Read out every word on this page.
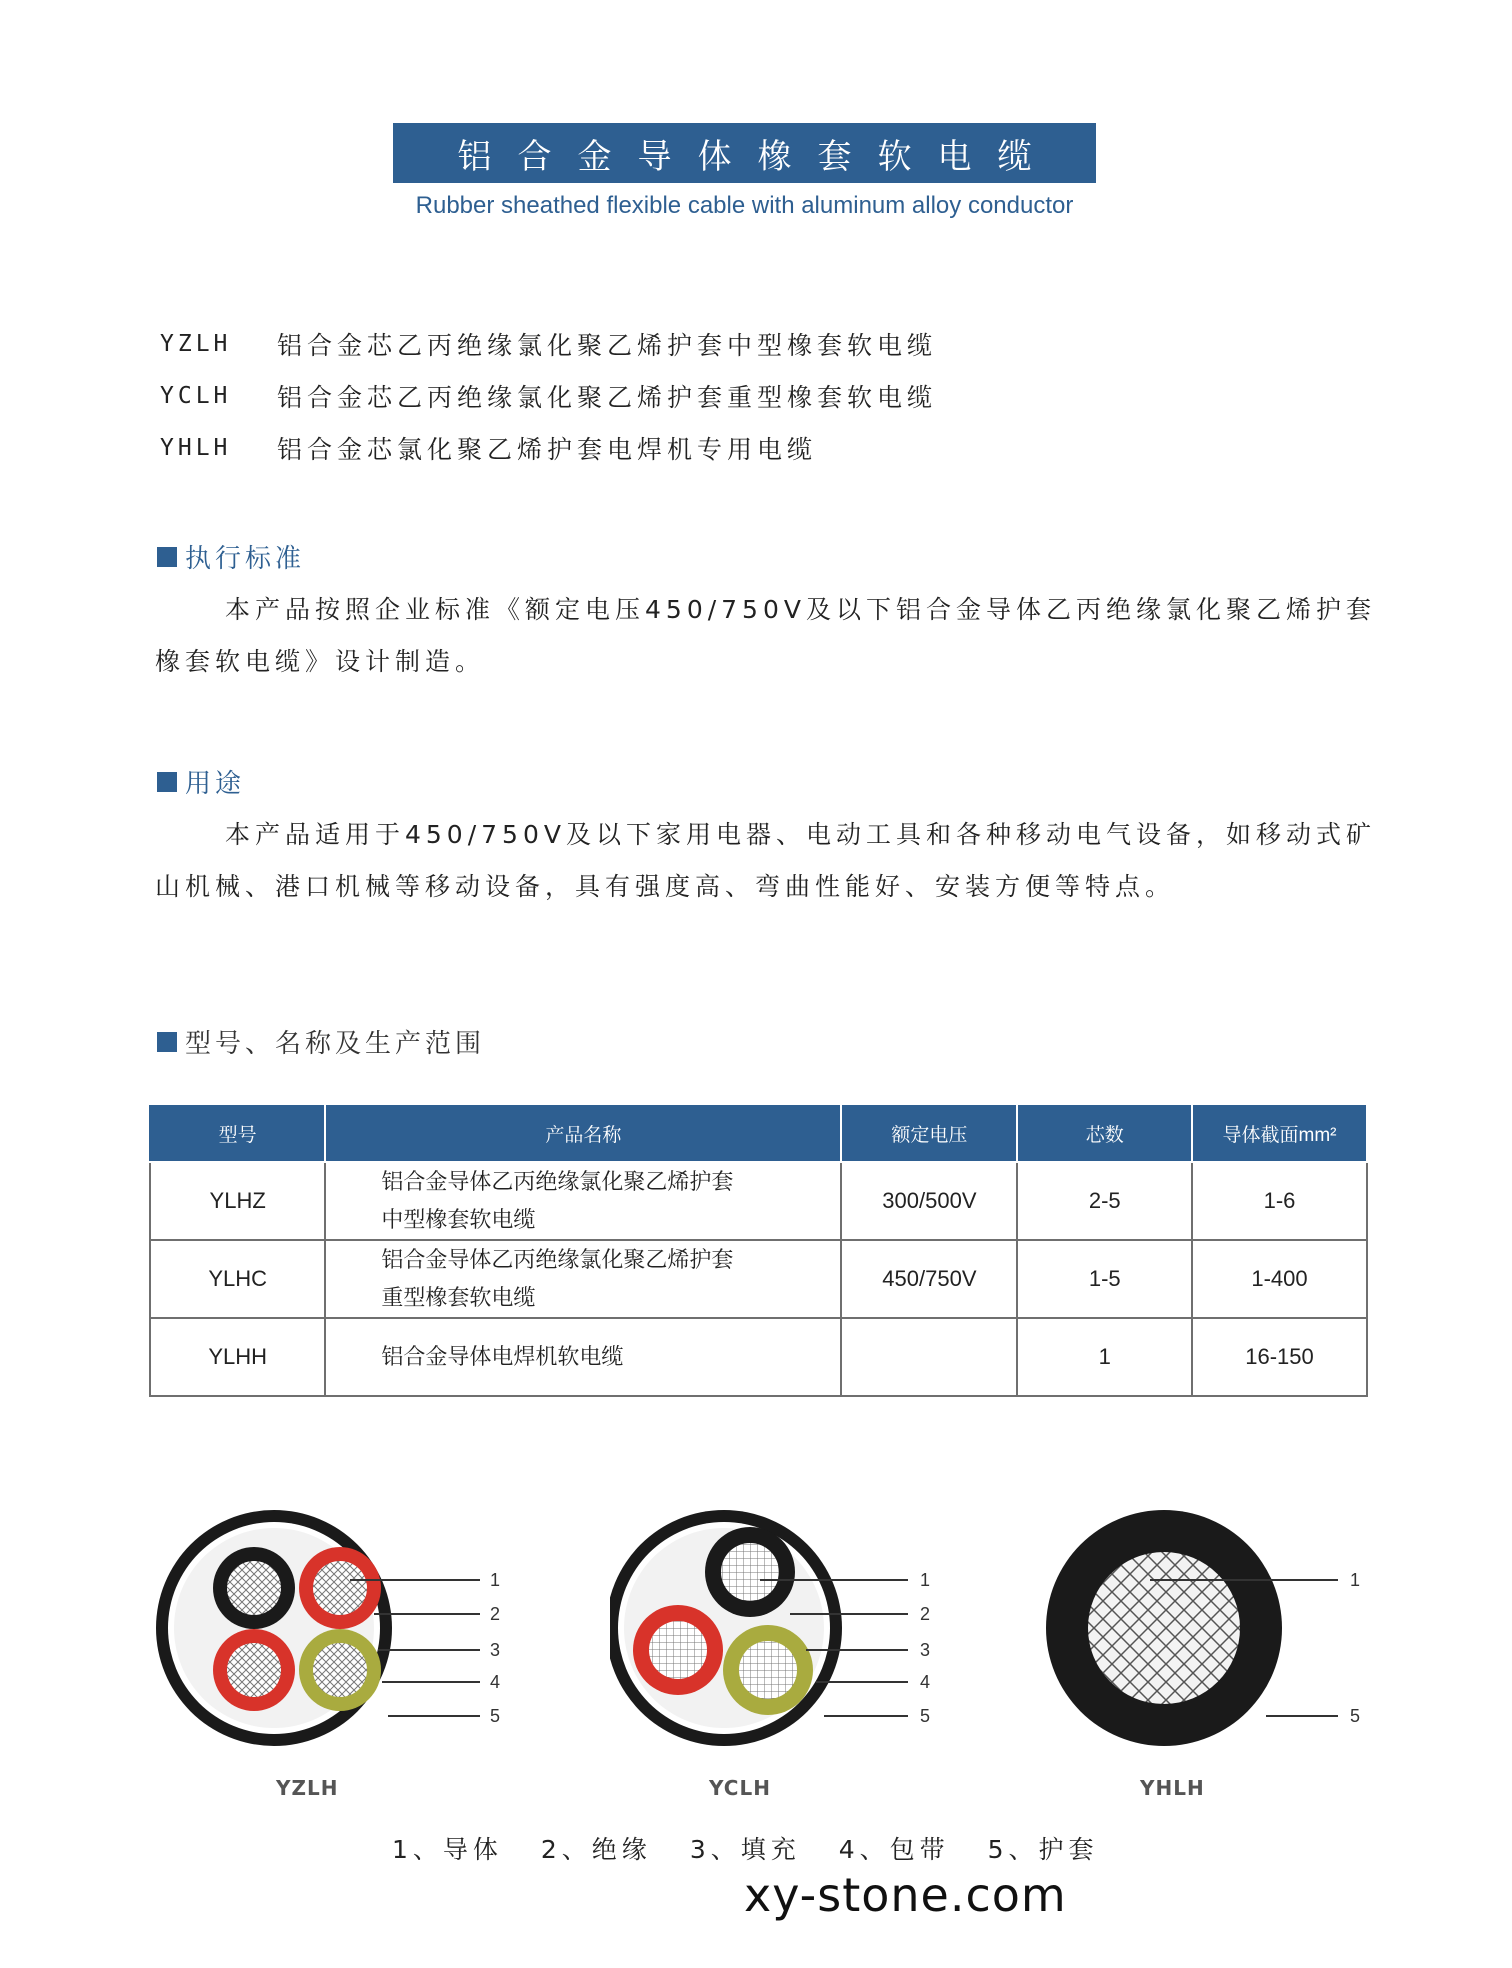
铝合金导体橡套软电缆
Rubber sheathed flexible cable with aluminum alloy conductor
YZLH	铝合金芯乙丙绝缘氯化聚乙烯护套中型橡套软电缆
YCLH	铝合金芯乙丙绝缘氯化聚乙烯护套重型橡套软电缆
YHLH	铝合金芯氯化聚乙烯护套电焊机专用电缆
执行标准
本产品按照企业标准《额定电压450/750V及以下铝合金导体乙丙绝缘氯化聚乙烯护套橡套软电缆》设计制造。
用途
本产品适用于450/750V及以下家用电器、电动工具和各种移动电气设备，如移动式矿山机械、港口机械等移动设备，具有强度高、弯曲性能好、安装方便等特点。
型号、名称及生产范围
型号	产品名称	额定电压	芯数	导体截面mm²
YLHZ	铝合金导体乙丙绝缘氯化聚乙烯护套
中型橡套软电缆	300/500V	2-5	1-6
YLHC	铝合金导体乙丙绝缘氯化聚乙烯护套
重型橡套软电缆	450/750V	1-5	1-400
YLHH	铝合金导体电焊机软电缆		1	16-150
1
2
3
4
5
YZLH
1
2
3
4
5
YCLH
1
5
YHLH
1、导体 2、绝缘 3、填充 4、包带 5、护套
xy-stone.com
